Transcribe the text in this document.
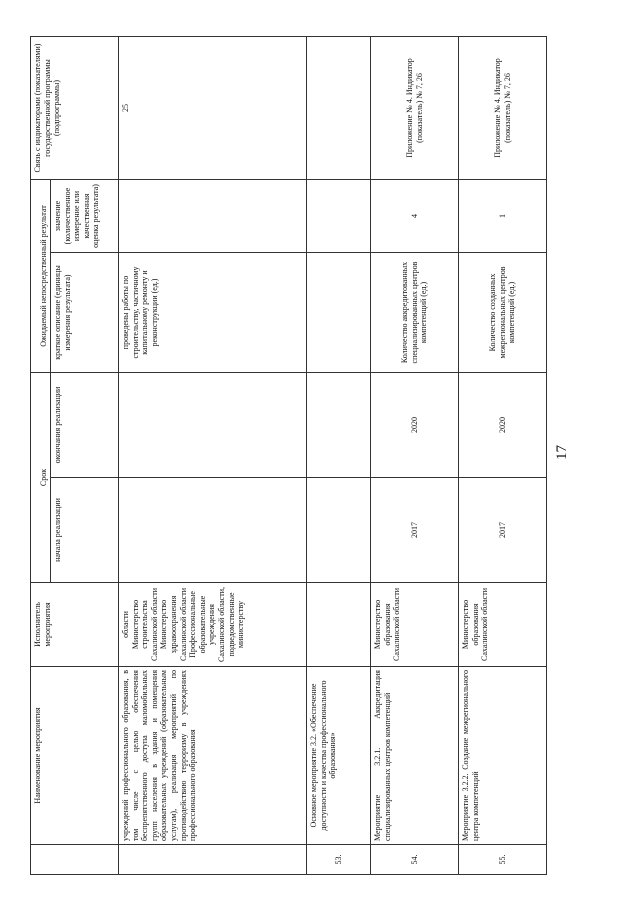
17
	Наименование мероприятия	Исполнитель мероприятия	Срок		Ожидаемый непосредственный результат		Связь с индикаторами (показателями) государственной программы (подпрограммы)
			начала реализации	окончания реализации	краткое описание (единицы измерения результата)	значение (количественное измерение или качественная оценка результата)	
	учреждений профессионального образования, в том числе с целью обеспечения беспрепятственного доступа маломобильных групп населения в здания и помещения образовательных учреждений (образовательным услугам), реализация мероприятий по противодействию терроризму в учреждениях профессионального образования	области Министерство строительства Сахалинской области Министерство здравоохранения Сахалинской области Профессиональные образовательные учреждения Сахалинской области, подведомственные министерству			проведены работы по строительству, частичному капитальному ремонту и реконструкции (ед.)		25
53.	Основное мероприятие 3.2. «Обеспечение доступности и качества профессионального образования»						
54.	Мероприятие 3.2.1. Аккредитация специализированных центров компетенций	Министерство образования Сахалинской области	2017	2020	Количество аккредитованных специализированных центров компетенций (ед.)	4	Приложение № 4. Индикатор (показатель) № 7, 26
55.	Мероприятие 3.2.2. Создание межрегионального центра компетенций	Министерство образования Сахалинской области	2017	2020	Количество созданных межрегиональных центров компетенций (ед.)	1	Приложение № 4. Индикатор (показатель) № 7, 26
